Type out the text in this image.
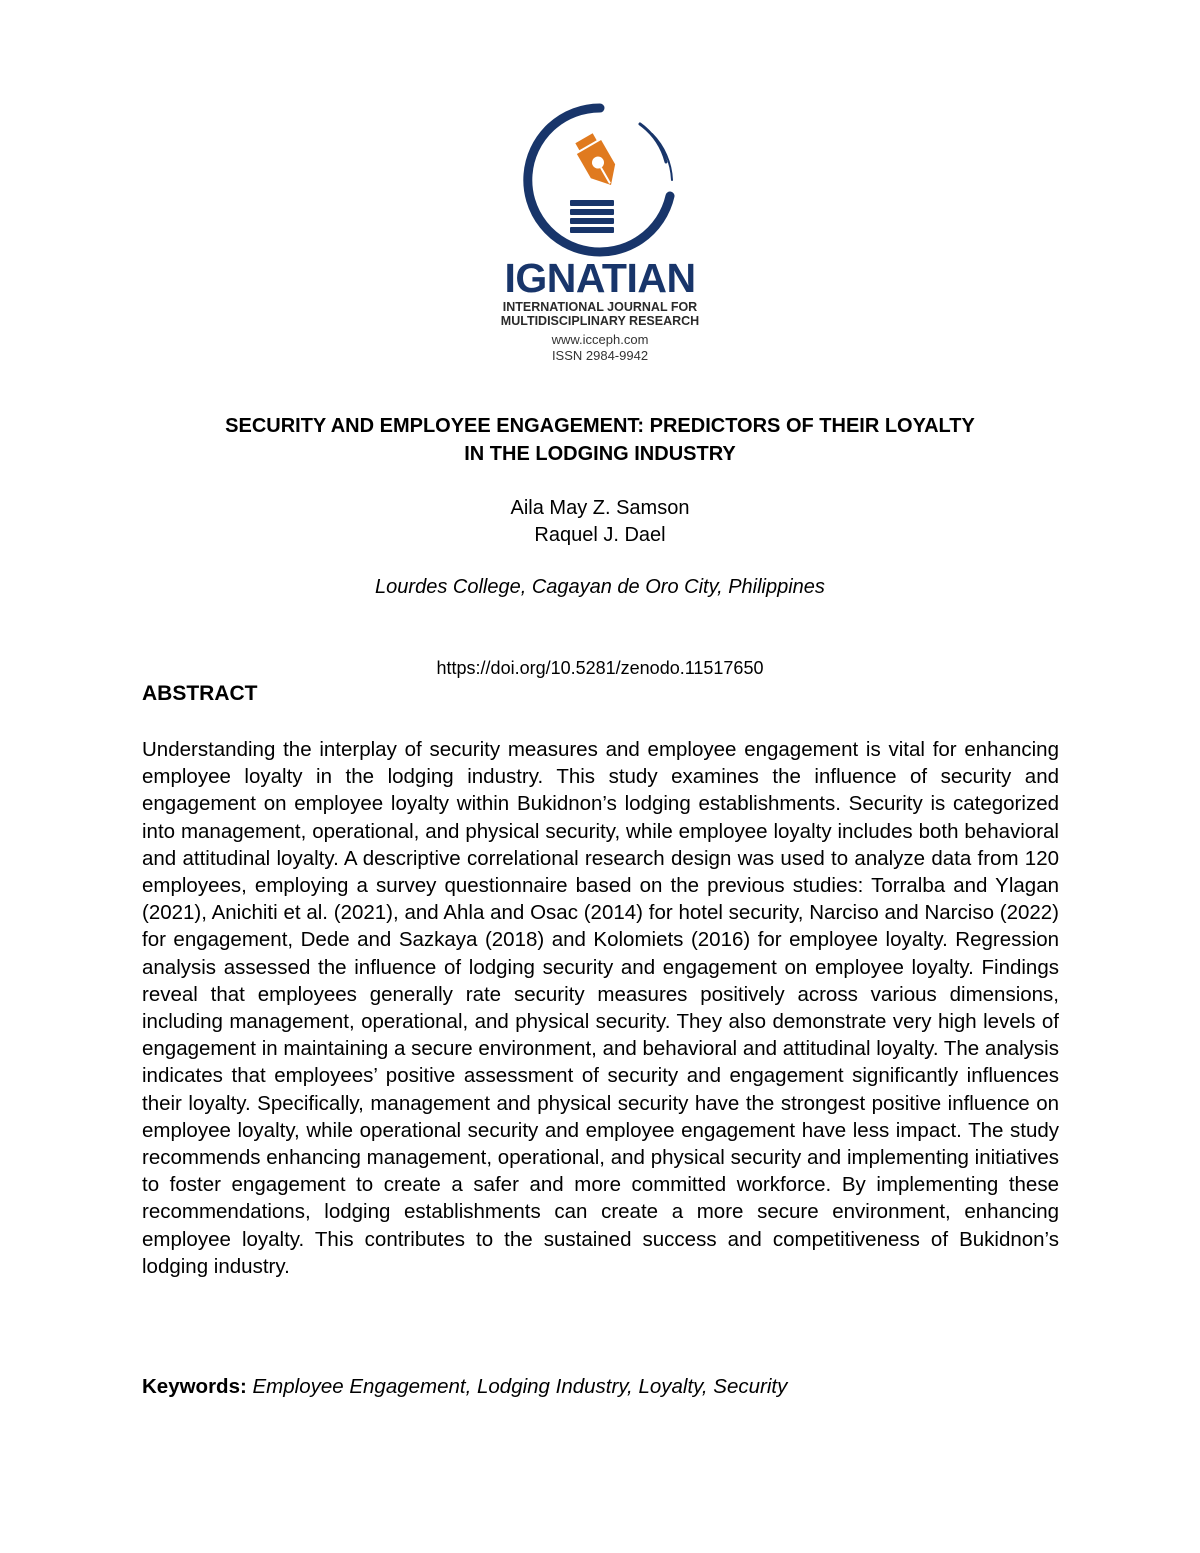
IGNATIAN
INTERNATIONAL JOURNAL FOR
MULTIDISCIPLINARY RESEARCH
www.icceph.com
ISSN 2984-9942
SECURITY AND EMPLOYEE ENGAGEMENT: PREDICTORS OF THEIR LOYALTY
IN THE LODGING INDUSTRY
Aila May Z. Samson
Raquel J. Dael
Lourdes College, Cagayan de Oro City, Philippines
https://doi.org/10.5281/zenodo.11517650
ABSTRACT

Understanding the interplay of security measures and employee engagement is vital for enhancing employee loyalty in the lodging industry. This study examines the influence of security and engagement on employee loyalty within Bukidnon’s lodging establishments. Security is categorized into management, operational, and physical security, while employee loyalty includes both behavioral and attitudinal loyalty. A descriptive correlational research design was used to analyze data from 120 employees, employing a survey questionnaire based on the previous studies: Torralba and Ylagan (2021), Anichiti et al. (2021), and Ahla and Osac (2014) for hotel security, Narciso and Narciso (2022) for engagement, Dede and Sazkaya (2018) and Kolomiets (2016) for employee loyalty. Regression analysis assessed the influence of lodging security and engagement on employee loyalty. Findings reveal that employees generally rate security measures positively across various dimensions, including management, operational, and physical security. They also demonstrate very high levels of engagement in maintaining a secure environment, and behavioral and attitudinal loyalty. The analysis indicates that employees’ positive assessment of security and engagement significantly influences their loyalty. Specifically, management and physical security have the strongest positive influence on employee loyalty, while operational security and employee engagement have less impact. The study recommends enhancing management, operational, and physical security and implementing initiatives to foster engagement to create a safer and more committed workforce. By implementing these recommendations, lodging establishments can create a more secure environment, enhancing employee loyalty. This contributes to the sustained success and competitiveness of Bukidnon’s lodging industry.

Keywords: Employee Engagement, Lodging Industry, Loyalty, Security
